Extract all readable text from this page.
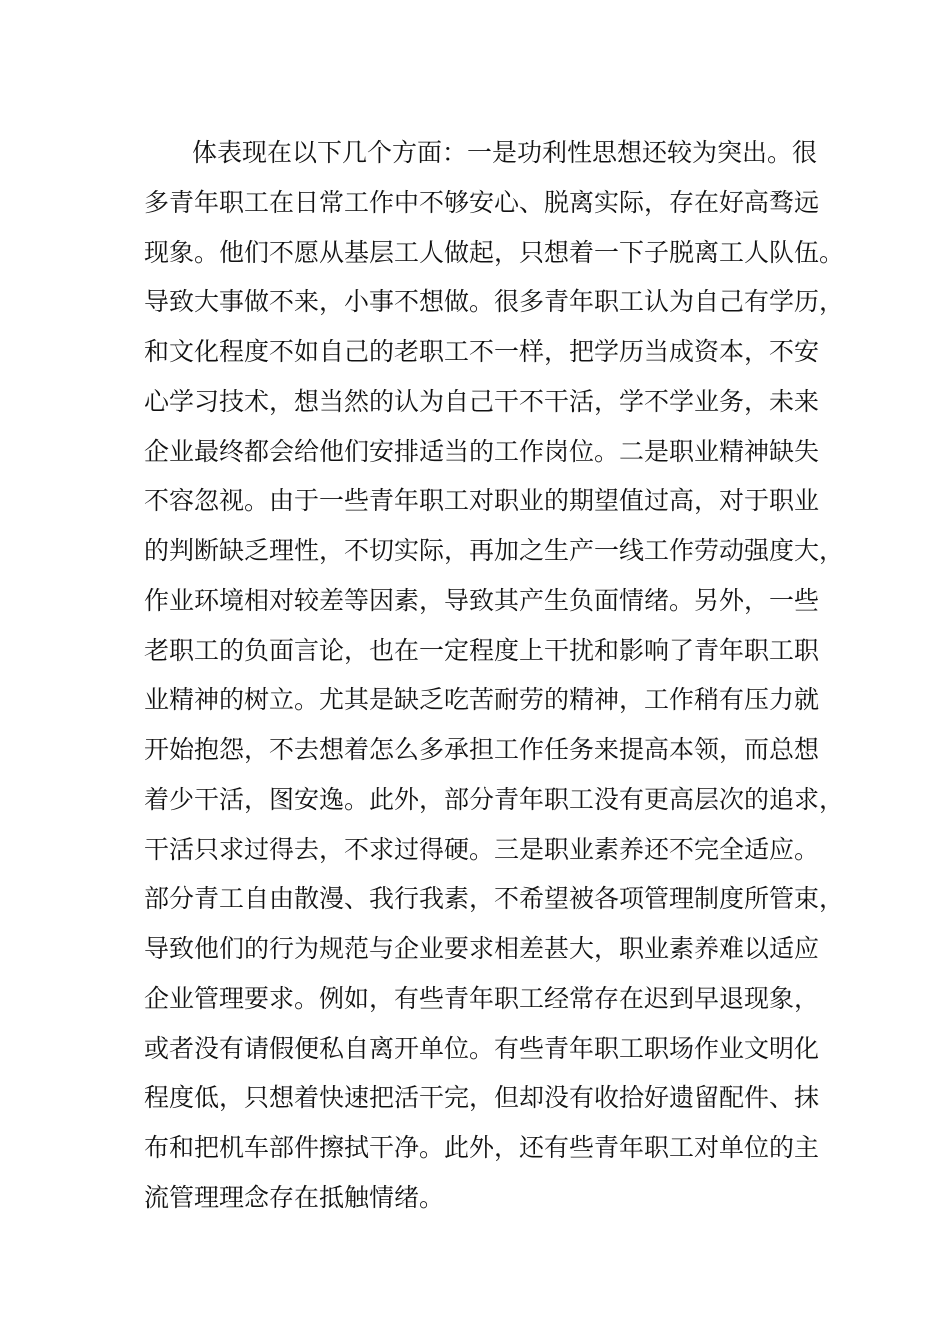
体表现在以下几个方面：一是功利性思想还较为突出。很
多青年职工在日常工作中不够安心、脱离实际，存在好高骛远
现象。他们不愿从基层工人做起，只想着一下子脱离工人队伍。
导致大事做不来，小事不想做。很多青年职工认为自己有学历，
和文化程度不如自己的老职工不一样，把学历当成资本，不安
心学习技术，想当然的认为自己干不干活，学不学业务，未来
企业最终都会给他们安排适当的工作岗位。二是职业精神缺失
不容忽视。由于一些青年职工对职业的期望值过高，对于职业
的判断缺乏理性，不切实际，再加之生产一线工作劳动强度大，
作业环境相对较差等因素，导致其产生负面情绪。另外，一些
老职工的负面言论，也在一定程度上干扰和影响了青年职工职
业精神的树立。尤其是缺乏吃苦耐劳的精神，工作稍有压力就
开始抱怨，不去想着怎么多承担工作任务来提高本领，而总想
着少干活，图安逸。此外，部分青年职工没有更高层次的追求，
干活只求过得去，不求过得硬。三是职业素养还不完全适应。
部分青工自由散漫、我行我素，不希望被各项管理制度所管束，
导致他们的行为规范与企业要求相差甚大，职业素养难以适应
企业管理要求。例如，有些青年职工经常存在迟到早退现象，
或者没有请假便私自离开单位。有些青年职工职场作业文明化
程度低，只想着快速把活干完，但却没有收拾好遗留配件、抹
布和把机车部件擦拭干净。此外，还有些青年职工对单位的主
流管理理念存在抵触情绪。
